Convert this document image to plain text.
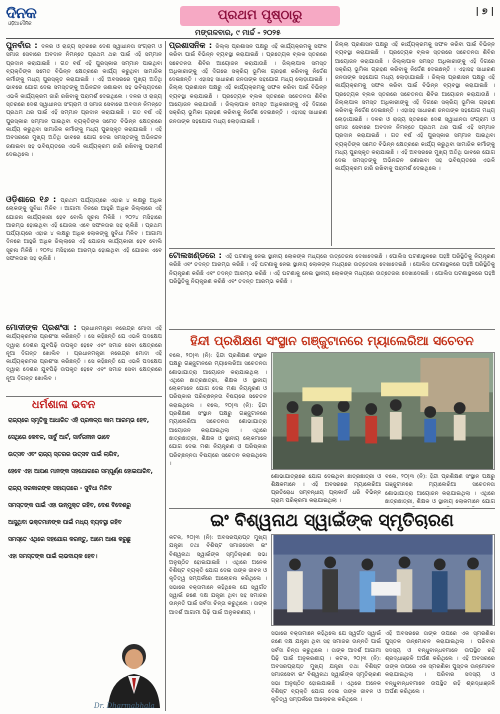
ଦିନକ
ଓଡ଼ିଆ ଦୈନିକ
ପ୍ରଥମ ପୃଷ୍ଠାରୁ	| ୭ |
ମଙ୍ଗଳବାର, ୯ ମାର୍ଚ୍ଚ - ୨୦୨୫
ପୁନର୍ବାର : ଦଳର ଓ ରାଜ୍ୟ ସ୍ତରରେ ଦେଶ ସ୍ୱାଧୀନତା ସଂଗ୍ରାମ ଓ ସମାଜ ସେବାରେ ଅବଦାନ ନିମନ୍ତେ ପ୍ରଥମ ଥର ପାଇଁ ଏହି ସମ୍ମାନ ପ୍ରଦାନ କରାଯାଇଛି । ଗତ ବର୍ଷ ଏହି ପୁରସ୍କାର ସମ୍ମାନ ପାଇଥିବା ବ୍ୟକ୍ତିଙ୍କ ସମେତ ବିଭିନ୍ନ କ୍ଷେତ୍ରରେ କାର୍ଯ୍ୟ କରୁଥିବା ସାମାଜିକ କର୍ମୀଙ୍କୁ ମଧ୍ୟ ପୁରସ୍କୃତ କରାଯାଇଛି । ଏହି ଅବସରରେ ମୁଖ୍ୟ ଅତିଥି ଭାବରେ ଯୋଗ ଦେଇ ସମସ୍ତଙ୍କୁ ଅଭିନନ୍ଦନ ଜଣାଇବା ସହ ଭବିଷ୍ୟତରେ ଏଭଳି କାର୍ଯ୍ୟକ୍ରମ ଜାରି ରଖିବାକୁ ପରାମର୍ଶ ଦେଇଥିଲେ । ଦଳର ଓ ରାଜ୍ୟ ସ୍ତରରେ ଦେଶ ସ୍ୱାଧୀନତା ସଂଗ୍ରାମ ଓ ସମାଜ ସେବାରେ ଅବଦାନ ନିମନ୍ତେ ପ୍ରଥମ ଥର ପାଇଁ ଏହି ସମ୍ମାନ ପ୍ରଦାନ କରାଯାଇଛି । ଗତ ବର୍ଷ ଏହି ପୁରସ୍କାର ସମ୍ମାନ ପାଇଥିବା ବ୍ୟକ୍ତିଙ୍କ ସମେତ ବିଭିନ୍ନ କ୍ଷେତ୍ରରେ କାର୍ଯ୍ୟ କରୁଥିବା ସାମାଜିକ କର୍ମୀଙ୍କୁ ମଧ୍ୟ ପୁରସ୍କୃତ କରାଯାଇଛି । ଏହି ଅବସରରେ ମୁଖ୍ୟ ଅତିଥି ଭାବରେ ଯୋଗ ଦେଇ ସମସ୍ତଙ୍କୁ ଅଭିନନ୍ଦନ ଜଣାଇବା ସହ ଭବିଷ୍ୟତରେ ଏଭଳି କାର୍ଯ୍ୟକ୍ରମ ଜାରି ରଖିବାକୁ ପରାମର୍ଶ ଦେଇଥିଲେ ।
ଓଡ଼ିଶାରେ ୧୬ : ପ୍ରଥମ ପର୍ଯ୍ୟାୟରେ ଏହାର ୪ ଲକ୍ଷରୁ ଅଧିକ ଲୋକଙ୍କୁ ସୁବିଧା ମିଳିବ । ଆଗାମୀ ଦିନରେ ଆହୁରି ଅଧିକ ଜିଲ୍ଲାରେ ଏହି ଯୋଜନା କାର୍ଯ୍ୟକାରୀ ହେବ ବୋଲି ସୂଚନା ମିଳିଛି । ୨୦୨୪ ମସିହାରେ ଆରମ୍ଭ ହୋଇଥିବା ଏହି ଯୋଜନା ଏବେ ସଫଳତାର ସହ ଚାଲିଛି । ପ୍ରଥମ ପର୍ଯ୍ୟାୟରେ ଏହାର ୪ ଲକ୍ଷରୁ ଅଧିକ ଲୋକଙ୍କୁ ସୁବିଧା ମିଳିବ । ଆଗାମୀ ଦିନରେ ଆହୁରି ଅଧିକ ଜିଲ୍ଲାରେ ଏହି ଯୋଜନା କାର୍ଯ୍ୟକାରୀ ହେବ ବୋଲି ସୂଚନା ମିଳିଛି । ୨୦୨୪ ମସିହାରେ ଆରମ୍ଭ ହୋଇଥିବା ଏହି ଯୋଜନା ଏବେ ସଫଳତାର ସହ ଚାଲିଛି ।
ମୋଦୀଙ୍କ ପ୍ରଶଂସା : ପ୍ରଧାନମନ୍ତ୍ରୀ ନରେନ୍ଦ୍ର ମୋଦୀ ଏହି କାର୍ଯ୍ୟକ୍ରମର ପ୍ରଶଂସା କରିଛନ୍ତି । ସେ କହିଛନ୍ତି ଯେ ଏଭଳି ପଦକ୍ଷେପ ଦ୍ୱାରା ଦେଶର ଯୁବପିଢ଼ି ଉପକୃତ ହେବେ ଏବଂ ସମାଜ ସେବା କ୍ଷେତ୍ରରେ ନୂଆ ଦିଗନ୍ତ ଖୋଲିବ । ପ୍ରଧାନମନ୍ତ୍ରୀ ନରେନ୍ଦ୍ର ମୋଦୀ ଏହି କାର୍ଯ୍ୟକ୍ରମର ପ୍ରଶଂସା କରିଛନ୍ତି । ସେ କହିଛନ୍ତି ଯେ ଏଭଳି ପଦକ୍ଷେପ ଦ୍ୱାରା ଦେଶର ଯୁବପିଢ଼ି ଉପକୃତ ହେବେ ଏବଂ ସମାଜ ସେବା କ୍ଷେତ୍ରରେ ନୂଆ ଦିଗନ୍ତ ଖୋଲିବ ।
ଧର୍ମଶାଳା ଭବନ
ରାଜ୍ୟରେ ସ୍ମୃତିକୁ ଆଧାରିତ ଏହି ପ୍ରକଳ୍ପ କାମ ଆରମ୍ଭ ହେବ,
ସେଥିରେ କେବଳ, ସାର୍ବୁ ଆର୍ଟ, ସାର୍ବଜନୀନ ଭାବେ
ଉତ୍ସବ ଏବଂ ରାଜ୍ୟ ସ୍ତରର ଉତ୍ସବ ପାଇଁ ଲାଗିବ,
ହେବେ ଏହା ଆପଣ ମାନଙ୍କ ସହଯୋଗରେ ସମ୍ପୂର୍ଣ୍ଣ ହୋଇପାରିବ,
ରାଜ୍ୟ ସରକାରଙ୍କ ସହାୟତାରେ - ସୁବିଧା ମିଳିବ
ସମସ୍ତଙ୍କ ପାଇଁ ଏହା ଉନ୍ମୁକ୍ତ ରହିବ, ଦେଶ ବିଦେଶରୁ
ଆସୁଥିବା ଭକ୍ତମାନଙ୍କ ପାଇଁ ମଧ୍ୟ ବ୍ୟବସ୍ଥା ରହିବ
ସମସ୍ତେ ଏଥିରେ ସହଯୋଗ କରନ୍ତୁ, ଆମେ ଆଶା କରୁଛୁ
ଏହା ସମସ୍ତଙ୍କ ପାଇଁ ଲାଭଦାୟକ ହେବ।
Dr. Dharmabhala
ପ୍ରଶାସନିକ : ଜିଲ୍ଲା ପ୍ରଶାସନ ପକ୍ଷରୁ ଏହି କାର୍ଯ୍ୟକ୍ରମକୁ ସଫଳ କରିବା ପାଇଁ ବିଭିନ୍ନ ବ୍ୟବସ୍ଥା କରାଯାଇଛି । ପ୍ରତ୍ୟେକ ବ୍ଲକ ସ୍ତରରେ ସଚେତନତା ଶିବିର ଆୟୋଜନ କରାଯାଉଛି । ଜିଲ୍ଲାପାଳ ସମସ୍ତ ଅଧିକାରୀଙ୍କୁ ଏହି ଦିଗରେ ସକ୍ରିୟ ଭୂମିକା ଗ୍ରହଣ କରିବାକୁ ନିର୍ଦ୍ଦେଶ ଦେଇଛନ୍ତି । ଏହାସହ ସାଧାରଣ ଜନତାଙ୍କ ସହଯୋଗ ମଧ୍ୟ ଲୋଡ଼ାଯାଇଛି । ଜିଲ୍ଲା ପ୍ରଶାସନ ପକ୍ଷରୁ ଏହି କାର୍ଯ୍ୟକ୍ରମକୁ ସଫଳ କରିବା ପାଇଁ ବିଭିନ୍ନ ବ୍ୟବସ୍ଥା କରାଯାଇଛି । ପ୍ରତ୍ୟେକ ବ୍ଲକ ସ୍ତରରେ ସଚେତନତା ଶିବିର ଆୟୋଜନ କରାଯାଉଛି । ଜିଲ୍ଲାପାଳ ସମସ୍ତ ଅଧିକାରୀଙ୍କୁ ଏହି ଦିଗରେ ସକ୍ରିୟ ଭୂମିକା ଗ୍ରହଣ କରିବାକୁ ନିର୍ଦ୍ଦେଶ ଦେଇଛନ୍ତି । ଏହାସହ ସାଧାରଣ ଜନତାଙ୍କ ସହଯୋଗ ମଧ୍ୟ ଲୋଡ଼ାଯାଇଛି ।
ଜିଲ୍ଲା ପ୍ରଶାସନ ପକ୍ଷରୁ ଏହି କାର୍ଯ୍ୟକ୍ରମକୁ ସଫଳ କରିବା ପାଇଁ ବିଭିନ୍ନ ବ୍ୟବସ୍ଥା କରାଯାଇଛି । ପ୍ରତ୍ୟେକ ବ୍ଲକ ସ୍ତରରେ ସଚେତନତା ଶିବିର ଆୟୋଜନ କରାଯାଉଛି । ଜିଲ୍ଲାପାଳ ସମସ୍ତ ଅଧିକାରୀଙ୍କୁ ଏହି ଦିଗରେ ସକ୍ରିୟ ଭୂମିକା ଗ୍ରହଣ କରିବାକୁ ନିର୍ଦ୍ଦେଶ ଦେଇଛନ୍ତି । ଏହାସହ ସାଧାରଣ ଜନତାଙ୍କ ସହଯୋଗ ମଧ୍ୟ ଲୋଡ଼ାଯାଇଛି । ଜିଲ୍ଲା ପ୍ରଶାସନ ପକ୍ଷରୁ ଏହି କାର୍ଯ୍ୟକ୍ରମକୁ ସଫଳ କରିବା ପାଇଁ ବିଭିନ୍ନ ବ୍ୟବସ୍ଥା କରାଯାଇଛି । ପ୍ରତ୍ୟେକ ବ୍ଲକ ସ୍ତରରେ ସଚେତନତା ଶିବିର ଆୟୋଜନ କରାଯାଉଛି । ଜିଲ୍ଲାପାଳ ସମସ୍ତ ଅଧିକାରୀଙ୍କୁ ଏହି ଦିଗରେ ସକ୍ରିୟ ଭୂମିକା ଗ୍ରହଣ କରିବାକୁ ନିର୍ଦ୍ଦେଶ ଦେଇଛନ୍ତି । ଏହାସହ ସାଧାରଣ ଜନତାଙ୍କ ସହଯୋଗ ମଧ୍ୟ ଲୋଡ଼ାଯାଇଛି । ଦଳର ଓ ରାଜ୍ୟ ସ୍ତରରେ ଦେଶ ସ୍ୱାଧୀନତା ସଂଗ୍ରାମ ଓ ସମାଜ ସେବାରେ ଅବଦାନ ନିମନ୍ତେ ପ୍ରଥମ ଥର ପାଇଁ ଏହି ସମ୍ମାନ ପ୍ରଦାନ କରାଯାଇଛି । ଗତ ବର୍ଷ ଏହି ପୁରସ୍କାର ସମ୍ମାନ ପାଇଥିବା ବ୍ୟକ୍ତିଙ୍କ ସମେତ ବିଭିନ୍ନ କ୍ଷେତ୍ରରେ କାର୍ଯ୍ୟ କରୁଥିବା ସାମାଜିକ କର୍ମୀଙ୍କୁ ମଧ୍ୟ ପୁରସ୍କୃତ କରାଯାଇଛି । ଏହି ଅବସରରେ ମୁଖ୍ୟ ଅତିଥି ଭାବରେ ଯୋଗ ଦେଇ ସମସ୍ତଙ୍କୁ ଅଭିନନ୍ଦନ ଜଣାଇବା ସହ ଭବିଷ୍ୟତରେ ଏଭଳି କାର୍ଯ୍ୟକ୍ରମ ଜାରି ରଖିବାକୁ ପରାମର୍ଶ ଦେଇଥିଲେ ।
ଟୋଲଖଣ୍ଡରେ : ଏହି ଘଟଣାକୁ ନେଇ ସ୍ଥାନୀୟ ଲୋକଙ୍କ ମଧ୍ୟରେ ଉତ୍ତେଜନା ଦେଖାଦେଇଛି । ପୋଲିସ ଘଟଣାସ୍ଥଳରେ ପହଞ୍ଚି ପରିସ୍ଥିତିକୁ ନିୟନ୍ତ୍ରଣ କରିଛି ଏବଂ ତଦନ୍ତ ଆରମ୍ଭ କରିଛି । ଏହି ଘଟଣାକୁ ନେଇ ସ୍ଥାନୀୟ ଲୋକଙ୍କ ମଧ୍ୟରେ ଉତ୍ତେଜନା ଦେଖାଦେଇଛି । ପୋଲିସ ଘଟଣାସ୍ଥଳରେ ପହଞ୍ଚି ପରିସ୍ଥିତିକୁ ନିୟନ୍ତ୍ରଣ କରିଛି ଏବଂ ତଦନ୍ତ ଆରମ୍ଭ କରିଛି । ଏହି ଘଟଣାକୁ ନେଇ ସ୍ଥାନୀୟ ଲୋକଙ୍କ ମଧ୍ୟରେ ଉତ୍ତେଜନା ଦେଖାଦେଇଛି । ପୋଲିସ ଘଟଣାସ୍ଥଳରେ ପହଞ୍ଚି ପରିସ୍ଥିତିକୁ ନିୟନ୍ତ୍ରଣ କରିଛି ଏବଂ ତଦନ୍ତ ଆରମ୍ଭ କରିଛି ।
ହିନ୍ଦୀ ପ୍ରଶିକ୍ଷଣ ସଂସ୍ଥାନ ଗଞ୍ଜୁଟାନରେ ମ୍ୟାଲେରିଆ ସଚେତନ
ବଲେ, ୨୦|୩ (ନି): ହିନ୍ଦୀ ପ୍ରଶିକ୍ଷଣ ସଂସ୍ଥାନ ପକ୍ଷରୁ ଗଞ୍ଜୁଟାନରେ ମ୍ୟାଲେରିଆ ସଚେତନତା ଶୋଭାଯାତ୍ରା ଆୟୋଜନ କରାଯାଇଥିଲା । ଏଥିରେ ଛାତ୍ରଛାତ୍ରୀ, ଶିକ୍ଷକ ଓ ସ୍ଥାନୀୟ ଲୋକମାନେ ଯୋଗ ଦେଇ ମଶା ନିୟନ୍ତ୍ରଣ ଓ ପରିଷ୍କାର ପରିଚ୍ଛନ୍ନତା ବିଷୟରେ ସଚେତନ କରାଇଥିଲେ । ବଲେ, ୨୦|୩ (ନି): ହିନ୍ଦୀ ପ୍ରଶିକ୍ଷଣ ସଂସ୍ଥାନ ପକ୍ଷରୁ ଗଞ୍ଜୁଟାନରେ ମ୍ୟାଲେରିଆ ସଚେତନତା ଶୋଭାଯାତ୍ରା ଆୟୋଜନ କରାଯାଇଥିଲା । ଏଥିରେ ଛାତ୍ରଛାତ୍ରୀ, ଶିକ୍ଷକ ଓ ସ୍ଥାନୀୟ ଲୋକମାନେ ଯୋଗ ଦେଇ ମଶା ନିୟନ୍ତ୍ରଣ ଓ ପରିଷ୍କାର ପରିଚ୍ଛନ୍ନତା ବିଷୟରେ ସଚେତନ କରାଇଥିଲେ ।
ଶୋଭାଯାତ୍ରାରେ ଯୋଗ ଦେଇଥିବା ଛାତ୍ରଛାତ୍ରୀ ଓ ଶିକ୍ଷକମାନେ । ଏହି ଅବସରରେ ମ୍ୟାଲେରିଆ ପ୍ରତିରୋଧ ସମ୍ବନ୍ଧୀୟ ପ୍ଲାକାର୍ଡ ଧରି ବିଭିନ୍ନ ଗ୍ରାମ ପରିକ୍ରମା କରାଯାଇଥିଲା ।
ବଲେ, ୨୦|୩ (ନି): ହିନ୍ଦୀ ପ୍ରଶିକ୍ଷଣ ସଂସ୍ଥାନ ପକ୍ଷରୁ ଗଞ୍ଜୁଟାନରେ ମ୍ୟାଲେରିଆ ସଚେତନତା ଶୋଭାଯାତ୍ରା ଆୟୋଜନ କରାଯାଇଥିଲା । ଏଥିରେ ଛାତ୍ରଛାତ୍ରୀ, ଶିକ୍ଷକ ଓ ସ୍ଥାନୀୟ ଲୋକମାନେ ଯୋଗ
ଇଂ ବିଶ୍ୱନାଥ ସ୍ୱାଇଁଙ୍କ ସ୍ମୃତିଚାରଣ
କଟକ, ୨୦|୩ (ନି): ଅବସରପ୍ରାପ୍ତ ମୁଖ୍ୟ ଯନ୍ତ୍ରୀ ତଥା ବିଶିଷ୍ଟ ସମାଜସେବୀ ଇଂ ବିଶ୍ୱନାଥ ସ୍ୱାଇଁଙ୍କ ସ୍ମୃତିଚାରଣ ସଭା ଅନୁଷ୍ଠିତ ହୋଇଯାଇଛି । ଏଥିରେ ଅନେକ ବିଶିଷ୍ଟ ବ୍ୟକ୍ତି ଯୋଗ ଦେଇ ତାଙ୍କ ଜୀବନ ଓ କୃତିତ୍ୱ ସମ୍ପର୍କରେ ଆଲୋଚନା କରିଥିଲେ । ସଭାରେ ବକ୍ତାମାନେ କହିଥିଲେ ଯେ ସ୍ୱର୍ଗତ ସ୍ୱାଇଁ ଜଣେ ଦକ୍ଷ ଯନ୍ତ୍ରୀ ଥିବା ସହ ସମାଜର ଉନ୍ନତି ପାଇଁ ସର୍ବଦା ଚିନ୍ତା କରୁଥିଲେ । ତାଙ୍କ ଆଦର୍ଶ ଆଗାମୀ ପିଢ଼ି ପାଇଁ ଅନୁକରଣୀୟ ।
ସଭାରେ ବକ୍ତାମାନେ କହିଥିଲେ ଯେ ସ୍ୱର୍ଗତ ସ୍ୱାଇଁ ଜଣେ ଦକ୍ଷ ଯନ୍ତ୍ରୀ ଥିବା ସହ ସମାଜର ଉନ୍ନତି ପାଇଁ ସର୍ବଦା ଚିନ୍ତା କରୁଥିଲେ । ତାଙ୍କ ଆଦର୍ଶ ଆଗାମୀ ପିଢ଼ି ପାଇଁ ଅନୁକରଣୀୟ । କଟକ, ୨୦|୩ (ନି): ଅବସରପ୍ରାପ୍ତ ମୁଖ୍ୟ ଯନ୍ତ୍ରୀ ତଥା ବିଶିଷ୍ଟ ସମାଜସେବୀ ଇଂ ବିଶ୍ୱନାଥ ସ୍ୱାଇଁଙ୍କ ସ୍ମୃତିଚାରଣ ସଭା ଅନୁଷ୍ଠିତ ହୋଇଯାଇଛି । ଏଥିରେ ଅନେକ ବିଶିଷ୍ଟ ବ୍ୟକ୍ତି ଯୋଗ ଦେଇ ତାଙ୍କ ଜୀବନ ଓ କୃତିତ୍ୱ ସମ୍ପର୍କରେ ଆଲୋଚନା କରିଥିଲେ ।
ଏହି ଅବସରରେ ତାଙ୍କ ଉପରେ ଏକ ସ୍ମରଣିକା ପୁସ୍ତକ ଉନ୍ମୋଚନ କରାଯାଇଥିଲା । ପରିବାର ସଦସ୍ୟ ଓ ବନ୍ଧୁବାନ୍ଧବମାନେ ଉପସ୍ଥିତ ରହି ଶ୍ରଦ୍ଧାଞ୍ଜଳି ଅର୍ପଣ କରିଥିଲେ । ଏହି ଅବସରରେ ତାଙ୍କ ଉପରେ ଏକ ସ୍ମରଣିକା ପୁସ୍ତକ ଉନ୍ମୋଚନ କରାଯାଇଥିଲା । ପରିବାର ସଦସ୍ୟ ଓ ବନ୍ଧୁବାନ୍ଧବମାନେ ଉପସ୍ଥିତ ରହି ଶ୍ରଦ୍ଧାଞ୍ଜଳି ଅର୍ପଣ କରିଥିଲେ ।
